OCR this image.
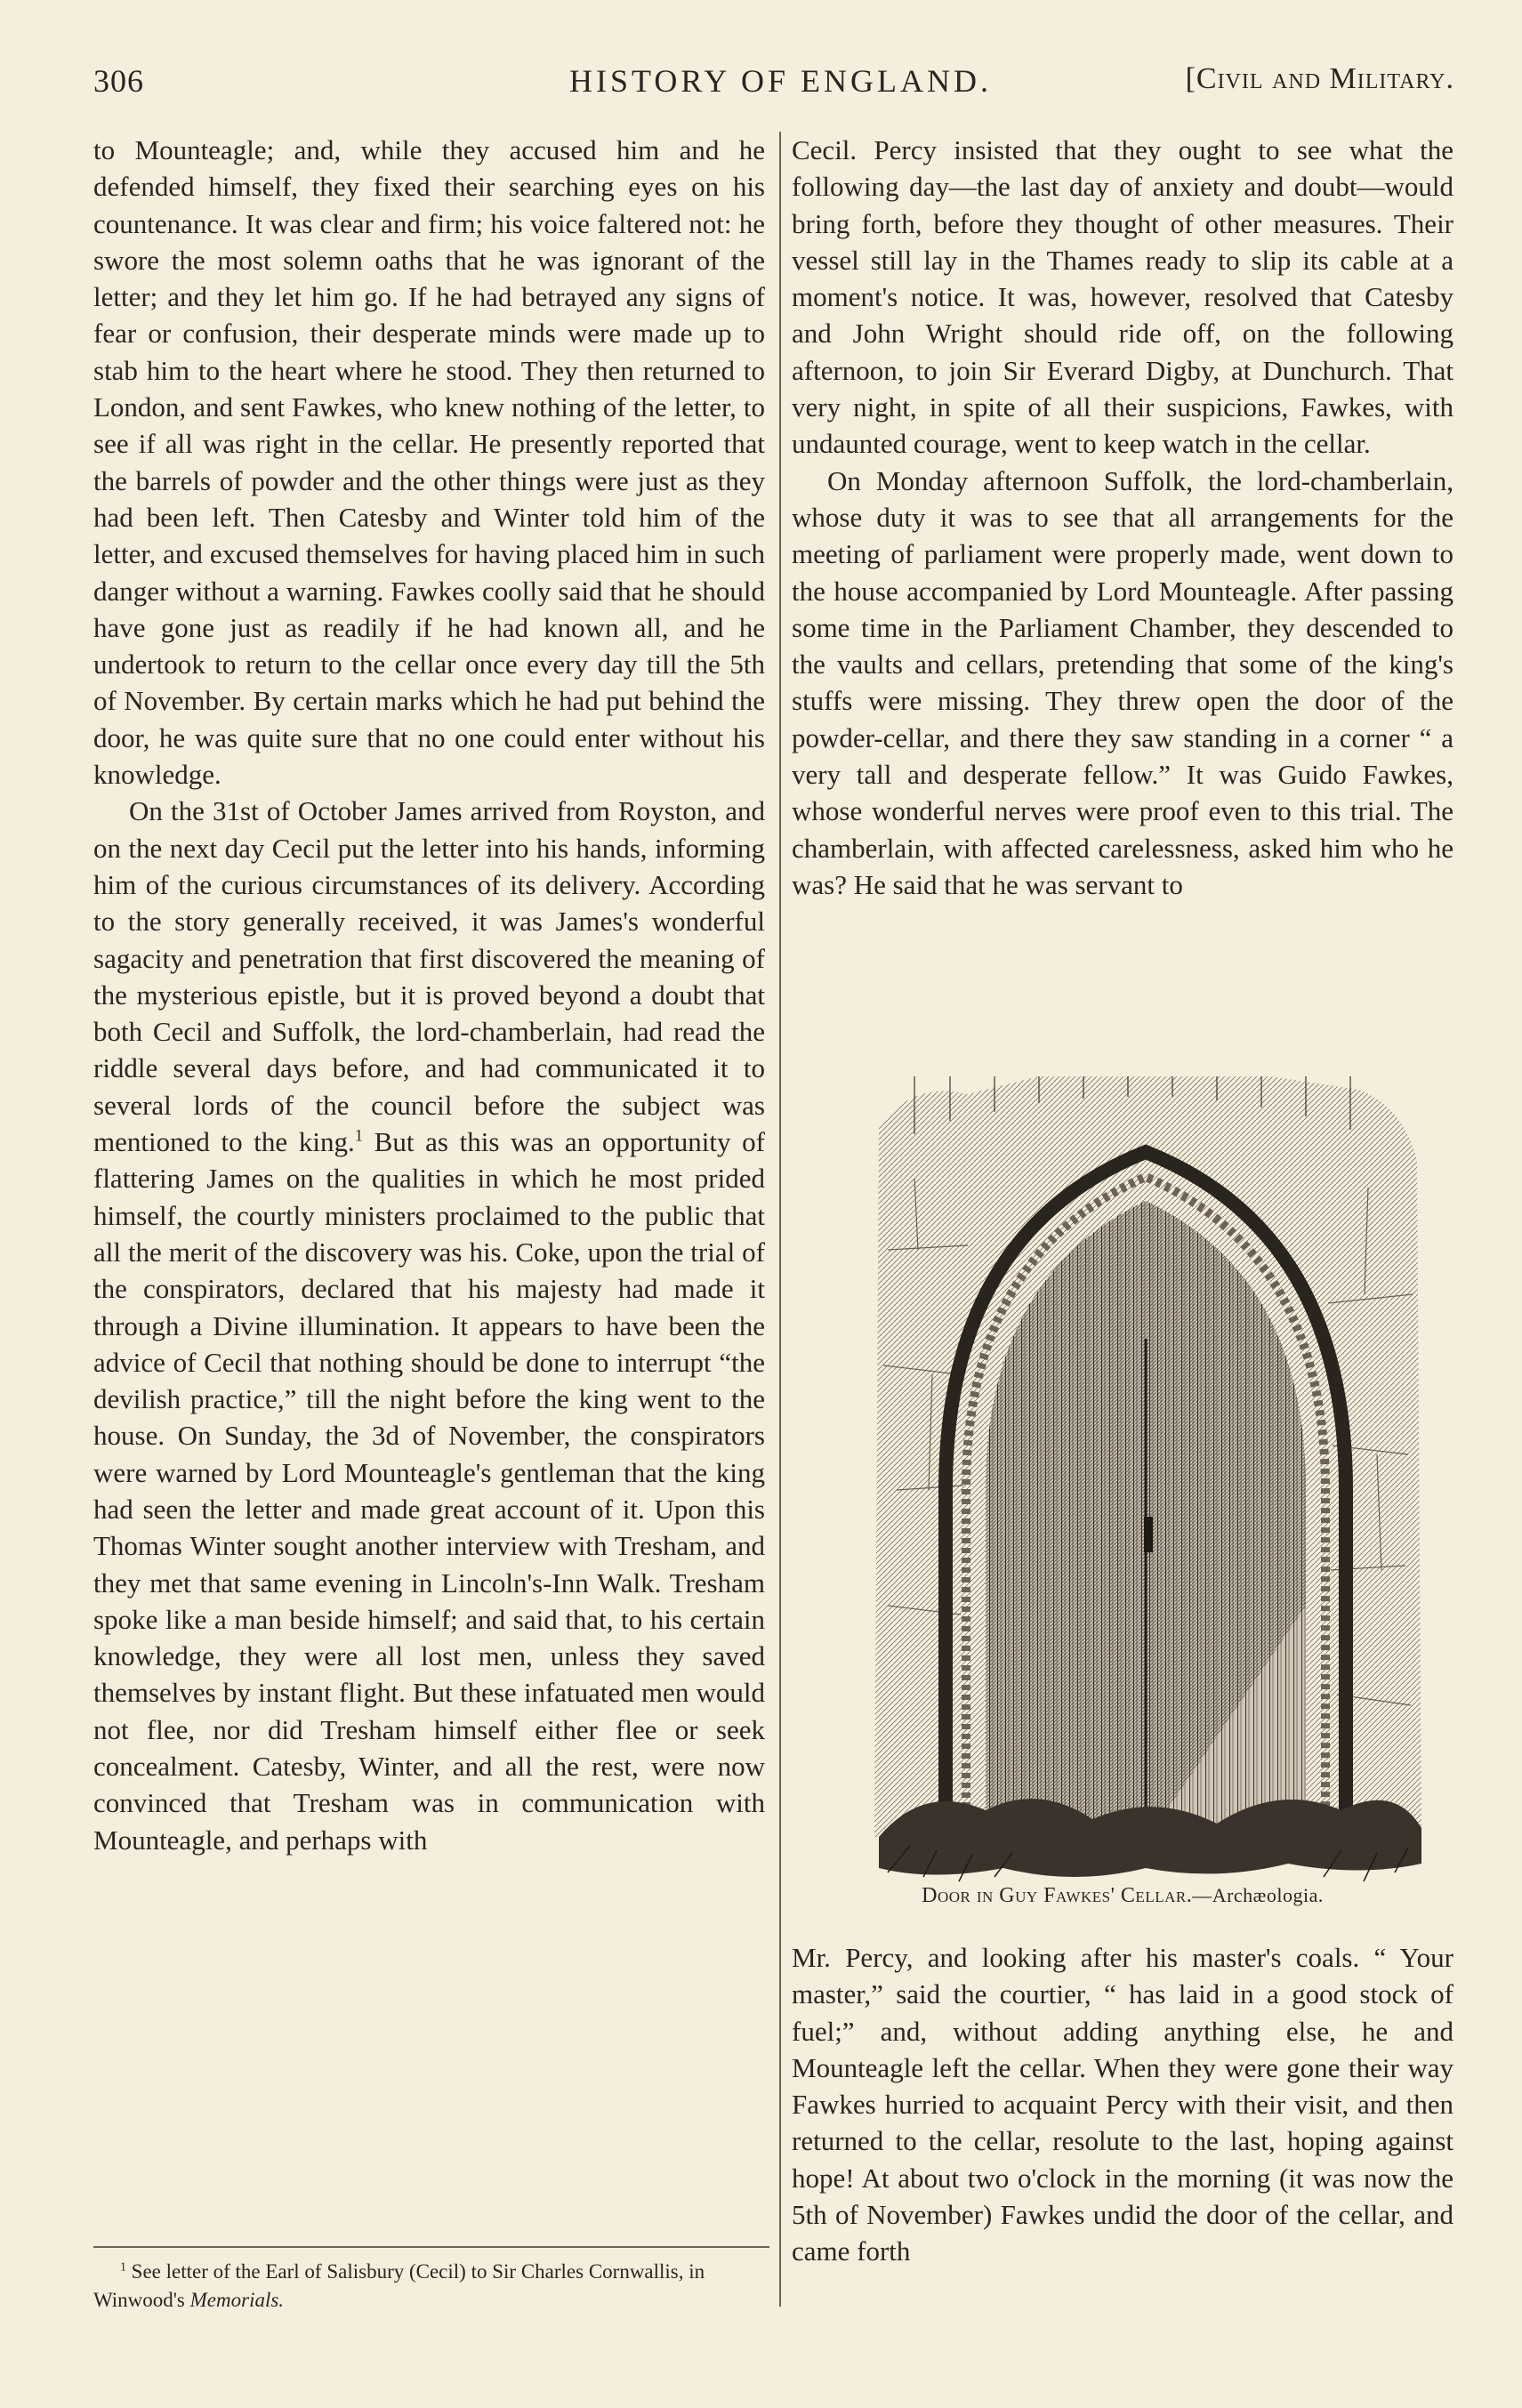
306	HISTORY OF ENGLAND.	[Civil and Military.

to Mounteagle; and, while they accused him and he defended himself, they fixed their searching eyes on his countenance. It was clear and firm; his voice faltered not: he swore the most solemn oaths that he was ignorant of the letter; and they let him go. If he had betrayed any signs of fear or confusion, their desperate minds were made up to stab him to the heart where he stood. They then returned to London, and sent Fawkes, who knew nothing of the letter, to see if all was right in the cellar. He presently reported that the barrels of powder and the other things were just as they had been left. Then Catesby and Winter told him of the letter, and excused themselves for having placed him in such danger without a warning. Fawkes coolly said that he should have gone just as readily if he had known all, and he undertook to return to the cellar once every day till the 5th of November. By certain marks which he had put behind the door, he was quite sure that no one could enter without his knowledge.

On the 31st of October James arrived from Royston, and on the next day Cecil put the letter into his hands, informing him of the curious circumstances of its delivery. According to the story generally received, it was James's wonderful sagacity and penetration that first discovered the meaning of the mysterious epistle, but it is proved beyond a doubt that both Cecil and Suffolk, the lord-chamberlain, had read the riddle several days before, and had communicated it to several lords of the council before the subject was mentioned to the king.$^1$ But as this was an opportunity of flattering James on the qualities in which he most prided himself, the courtly ministers proclaimed to the public that all the merit of the discovery was his. Coke, upon the trial of the conspirators, declared that his majesty had made it through a Divine illumination. It appears to have been the advice of Cecil that nothing should be done to interrupt “the devilish practice,” till the night before the king went to the house. On Sunday, the 3d of November, the conspirators were warned by Lord Mounteagle's gentleman that the king had seen the letter and made great account of it. Upon this Thomas Winter sought another interview with Tresham, and they met that same evening in Lincoln's-Inn Walk. Tresham spoke like a man beside himself; and said that, to his certain knowledge, they were all lost men, unless they saved themselves by instant flight. But these infatuated men would not flee, nor did Tresham himself either flee or seek concealment. Catesby, Winter, and all the rest, were now convinced that Tresham was in communication with Mounteagle, and perhaps with

Cecil. Percy insisted that they ought to see what the following day—the last day of anxiety and doubt—would bring forth, before they thought of other measures. Their vessel still lay in the Thames ready to slip its cable at a moment's notice. It was, however, resolved that Catesby and John Wright should ride off, on the following afternoon, to join Sir Everard Digby, at Dunchurch. That very night, in spite of all their suspicions, Fawkes, with undaunted courage, went to keep watch in the cellar.

On Monday afternoon Suffolk, the lord-chamberlain, whose duty it was to see that all arrangements for the meeting of parliament were properly made, went down to the house accompanied by Lord Mounteagle. After passing some time in the Parliament Chamber, they descended to the vaults and cellars, pretending that some of the king's stuffs were missing. They threw open the door of the powder-cellar, and there they saw standing in a corner “ a very tall and desperate fellow.” It was Guido Fawkes, whose wonderful nerves were proof even to this trial. The chamberlain, with affected carelessness, asked him who he was? He said that he was servant to

Door in Guy Fawkes' Cellar.—Archæologia.

Mr. Percy, and looking after his master's coals. “ Your master,” said the courtier, “ has laid in a good stock of fuel;” and, without adding anything else, he and Mounteagle left the cellar. When they were gone their way Fawkes hurried to acquaint Percy with their visit, and then returned to the cellar, resolute to the last, hoping against hope! At about two o'clock in the morning (it was now the 5th of November) Fawkes undid the door of the cellar, and came forth

$^1$ See letter of the Earl of Salisbury (Cecil) to Sir Charles Cornwallis, in Winwood's Memorials.
